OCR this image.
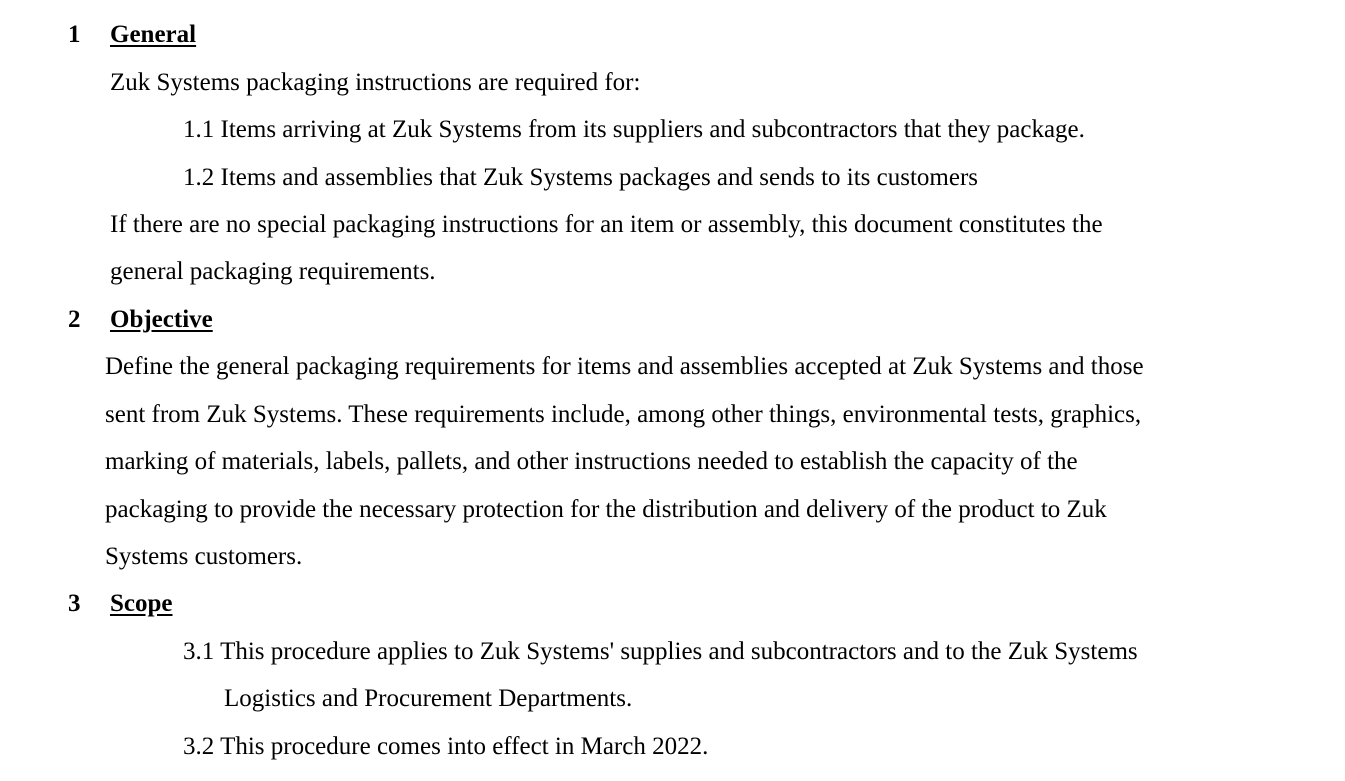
1 General
Zuk Systems packaging instructions are required for:
1.1 Items arriving at Zuk Systems from its suppliers and subcontractors that they package.
1.2 Items and assemblies that Zuk Systems packages and sends to its customers
If there are no special packaging instructions for an item or assembly, this document constitutes the
general packaging requirements.
2 Objective
Define the general packaging requirements for items and assemblies accepted at Zuk Systems and those
sent from Zuk Systems. These requirements include, among other things, environmental tests, graphics,
marking of materials, labels, pallets, and other instructions needed to establish the capacity of the
packaging to provide the necessary protection for the distribution and delivery of the product to Zuk
Systems customers.
3 Scope
3.1 This procedure applies to Zuk Systems' supplies and subcontractors and to the Zuk Systems
Logistics and Procurement Departments.
3.2 This procedure comes into effect in March 2022.
